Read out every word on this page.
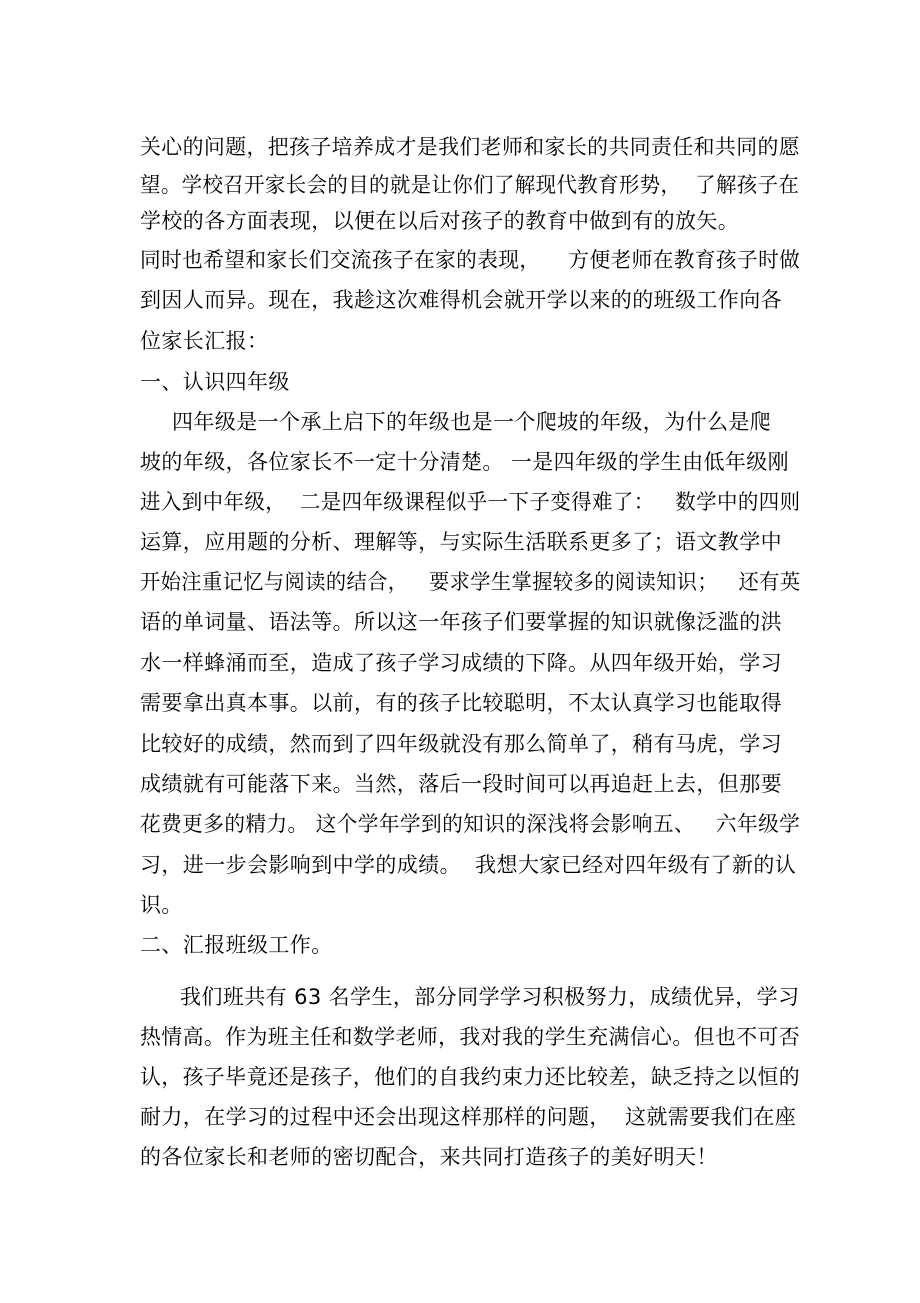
关心的问题，把孩子培养成才是我们老师和家长的共同责任和共同的愿
望。学校召开家长会的目的就是让你们了解现代教育形势，  了解孩子在
学校的各方面表现，以便在以后对孩子的教育中做到有的放矢。
同时也希望和家长们交流孩子在家的表现，    方便老师在教育孩子时做
到因人而异。现在，我趁这次难得机会就开学以来的的班级工作向各
位家长汇报：
一、认识四年级
四年级是一个承上启下的年级也是一个爬坡的年级，为什么是爬
坡的年级，各位家长不一定十分清楚。 一是四年级的学生由低年级刚
进入到中年级，  二是四年级课程似乎一下子变得难了：   数学中的四则
运算，应用题的分析、理解等，与实际生活联系更多了；语文教学中
开始注重记忆与阅读的结合，   要求学生掌握较多的阅读知识；   还有英
语的单词量、语法等。所以这一年孩子们要掌握的知识就像泛滥的洪
水一样蜂涌而至，造成了孩子学习成绩的下降。从四年级开始，学习
需要拿出真本事。以前，有的孩子比较聪明，不太认真学习也能取得
比较好的成绩，然而到了四年级就没有那么简单了，稍有马虎，学习
成绩就有可能落下来。当然，落后一段时间可以再追赶上去，但那要
花费更多的精力。 这个学年学到的知识的深浅将会影响五、   六年级学
习，进一步会影响到中学的成绩。  我想大家已经对四年级有了新的认
识。
二、汇报班级工作。
我们班共有 63 名学生，部分同学学习积极努力，成绩优异，学习
热情高。作为班主任和数学老师，我对我的学生充满信心。但也不可否
认，孩子毕竟还是孩子，他们的自我约束力还比较差，缺乏持之以恒的
耐力，在学习的过程中还会出现这样那样的问题，  这就需要我们在座
的各位家长和老师的密切配合，来共同打造孩子的美好明天！
